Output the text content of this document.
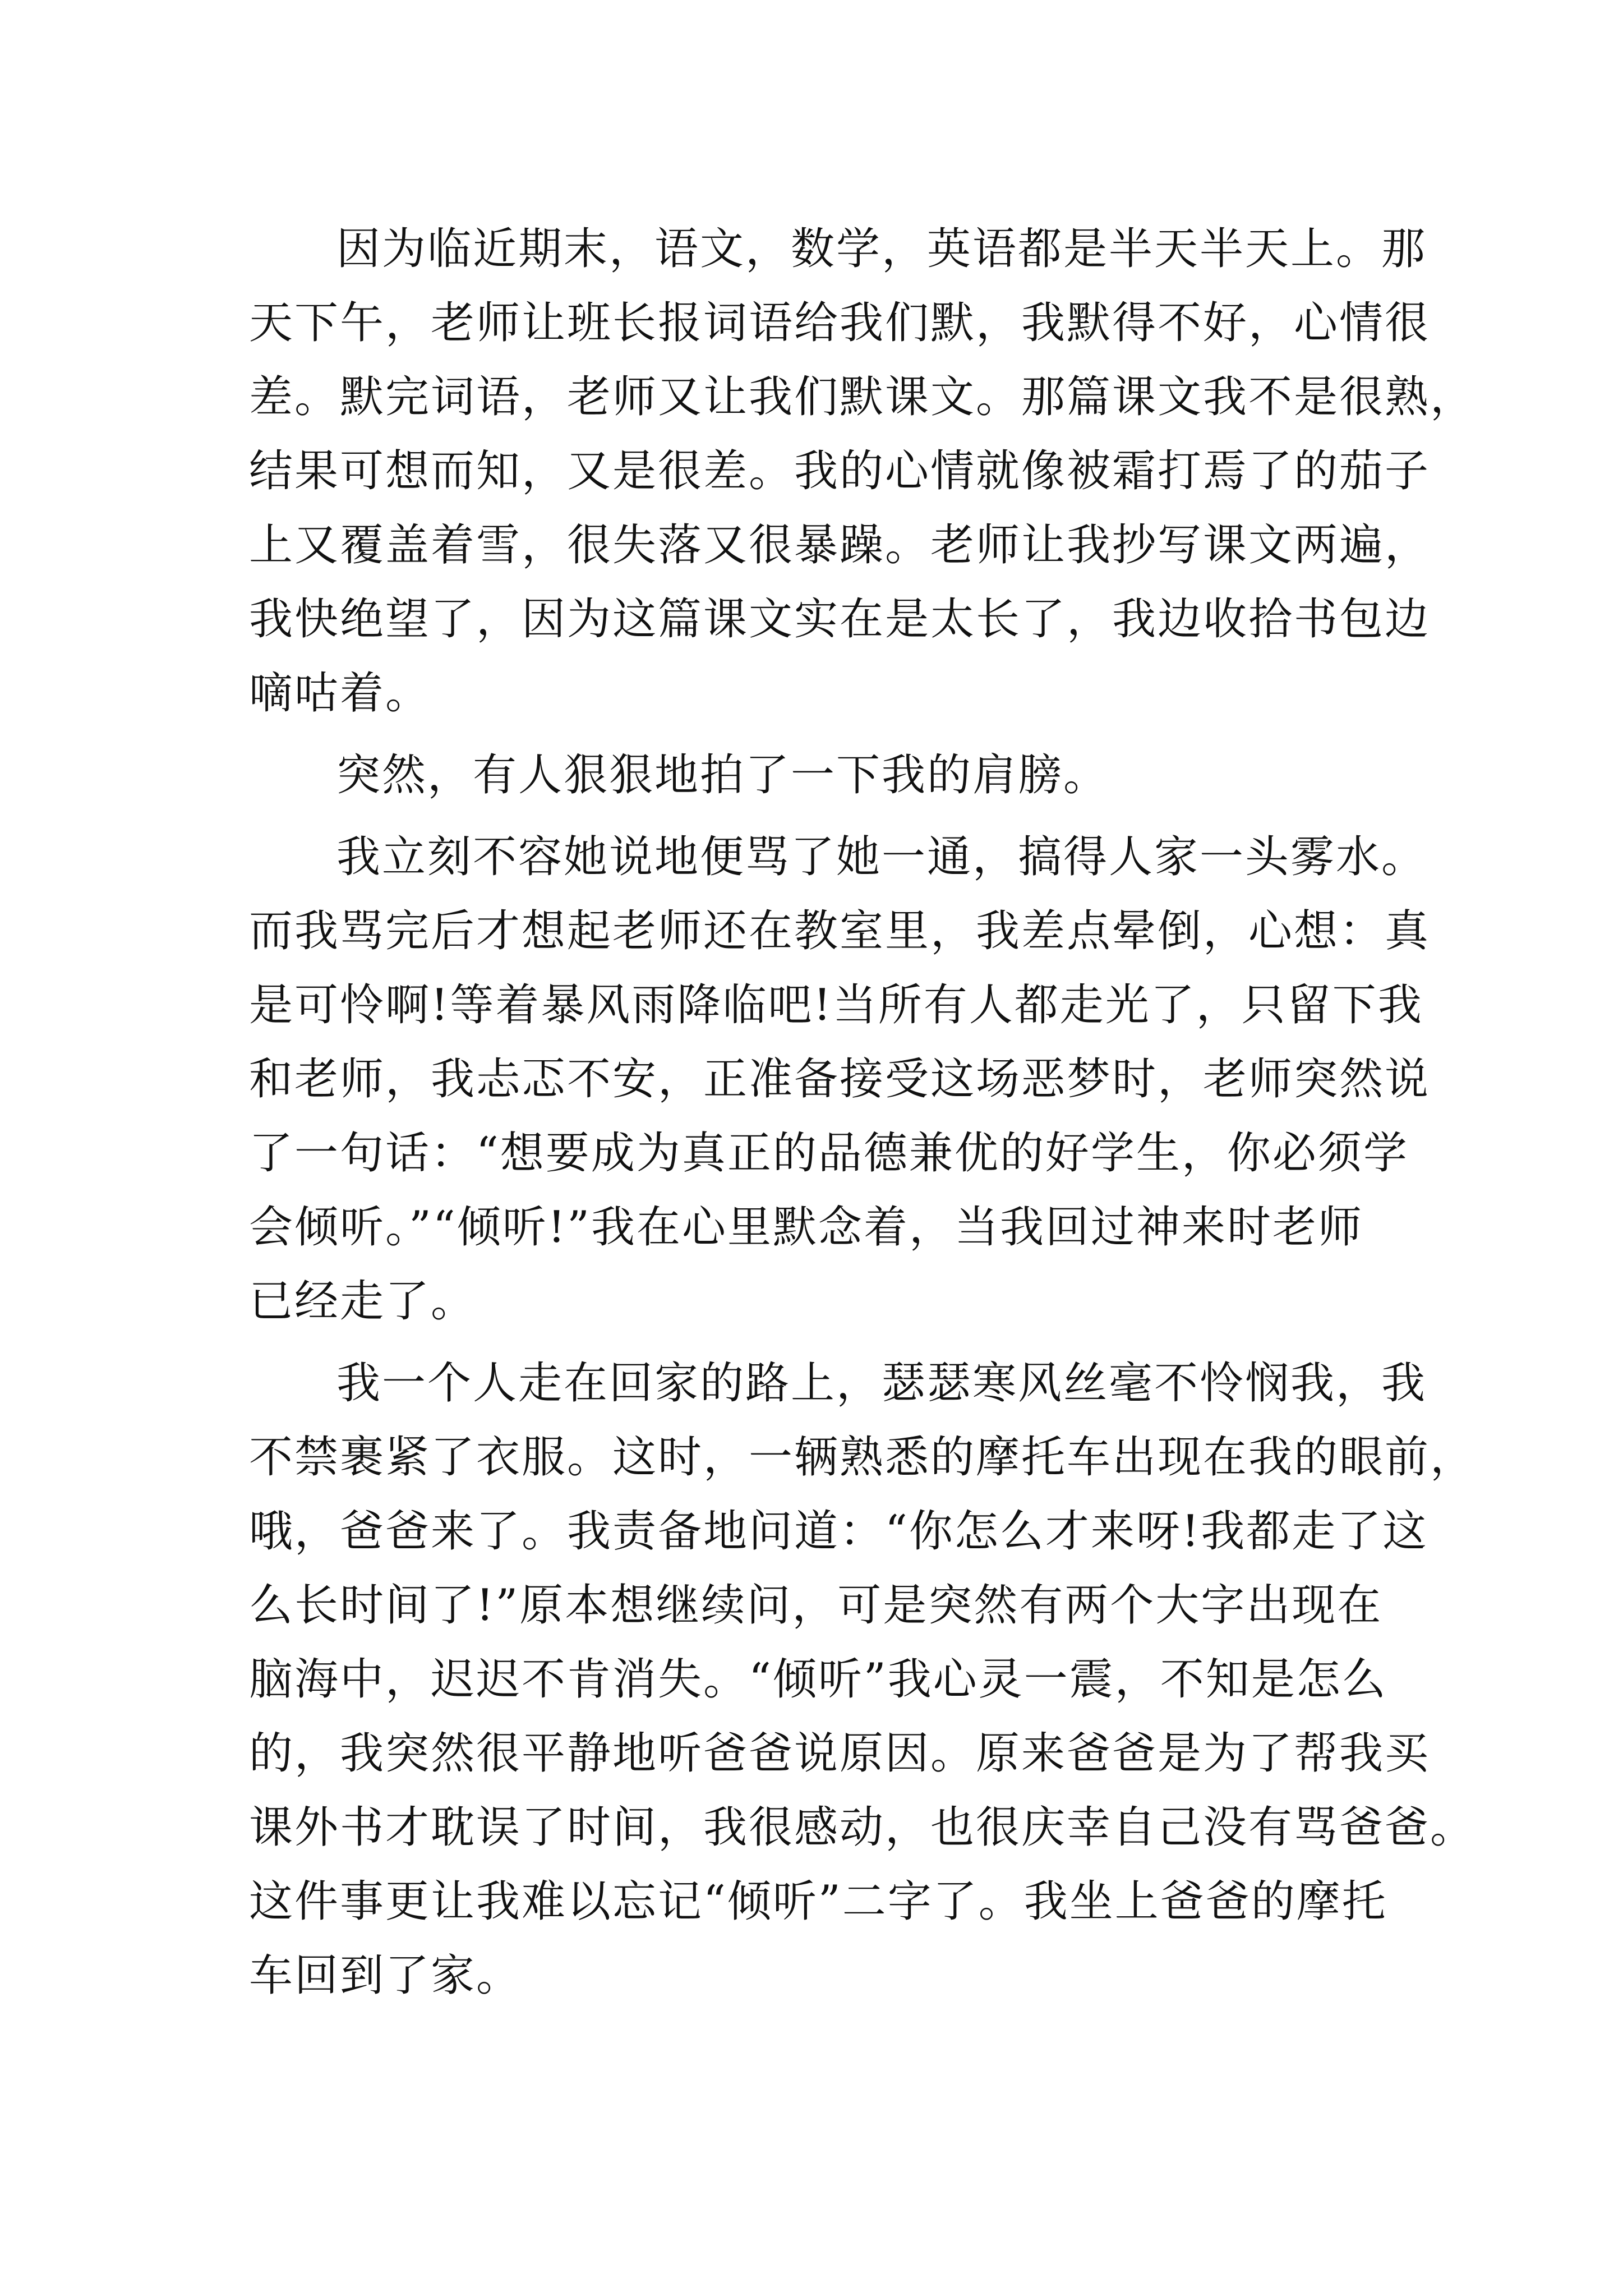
因为临近期末，语文，数学，英语都是半天半天上。那
天下午，老师让班长报词语给我们默，我默得不好，心情很
差。默完词语，老师又让我们默课文。那篇课文我不是很熟，
结果可想而知，又是很差。我的心情就像被霜打焉了的茄子
上又覆盖着雪，很失落又很暴躁。老师让我抄写课文两遍，
我快绝望了，因为这篇课文实在是太长了，我边收拾书包边
嘀咕着。
突然，有人狠狠地拍了一下我的肩膀。
我立刻不容她说地便骂了她一通，搞得人家一头雾水。
而我骂完后才想起老师还在教室里，我差点晕倒，心想：真
是可怜啊!等着暴风雨降临吧!当所有人都走光了，只留下我
和老师，我忐忑不安，正准备接受这场恶梦时，老师突然说
了一句话：“想要成为真正的品德兼优的好学生，你必须学
会倾听。”“倾听!”我在心里默念着，当我回过神来时老师
已经走了。
我一个人走在回家的路上，瑟瑟寒风丝毫不怜悯我，我
不禁裹紧了衣服。这时，一辆熟悉的摩托车出现在我的眼前，
哦，爸爸来了。我责备地问道：“你怎么才来呀!我都走了这
么长时间了!”原本想继续问，可是突然有两个大字出现在
脑海中，迟迟不肯消失。“倾听”我心灵一震，不知是怎么
的，我突然很平静地听爸爸说原因。原来爸爸是为了帮我买
课外书才耽误了时间，我很感动，也很庆幸自己没有骂爸爸。
这件事更让我难以忘记“倾听”二字了。我坐上爸爸的摩托
车回到了家。
